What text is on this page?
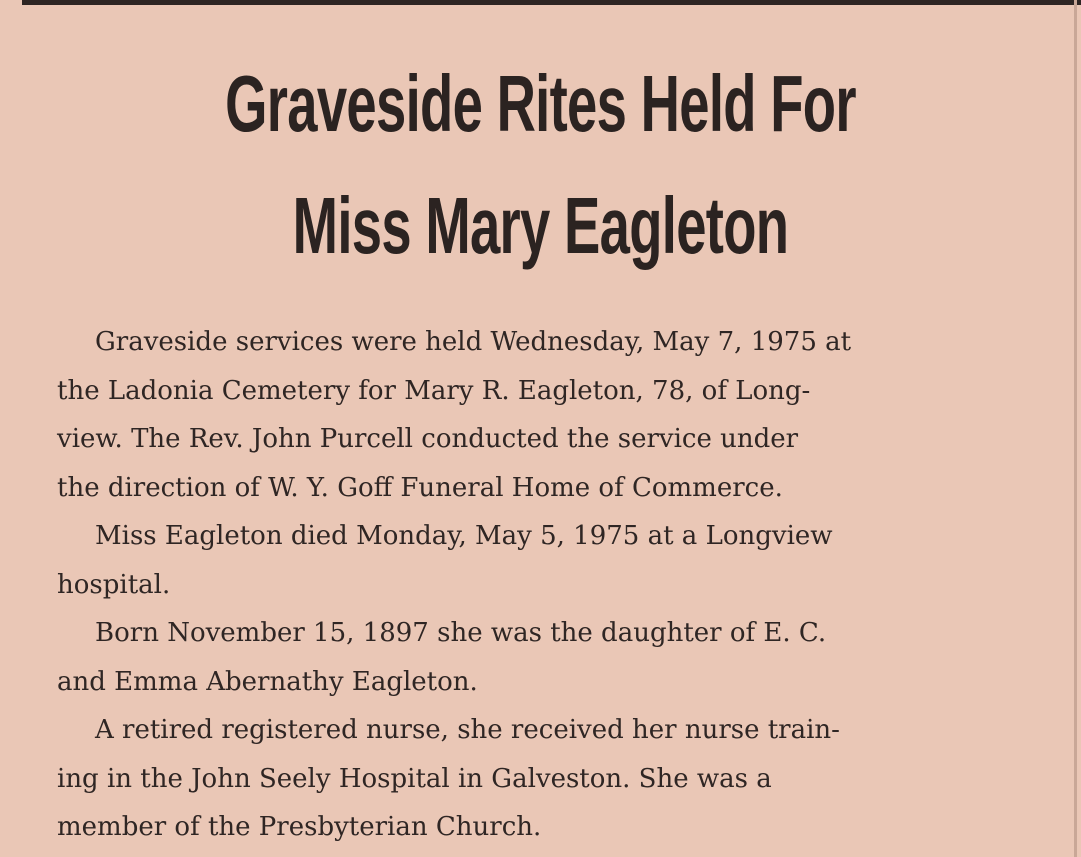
Graveside Rites Held For
Miss Mary Eagleton

Graveside services were held Wednesday, May 7, 1975 at
the Ladonia Cemetery for Mary R. Eagleton, 78, of Long-
view. The Rev. John Purcell conducted the service under
the direction of W. Y. Goff Funeral Home of Commerce.

Miss Eagleton died Monday, May 5, 1975 at a Longview
hospital.

Born November 15, 1897 she was the daughter of E. C.
and Emma Abernathy Eagleton.

A retired registered nurse, she received her nurse train-
ing in the John Seely Hospital in Galveston. She was a
member of the Presbyterian Church.
